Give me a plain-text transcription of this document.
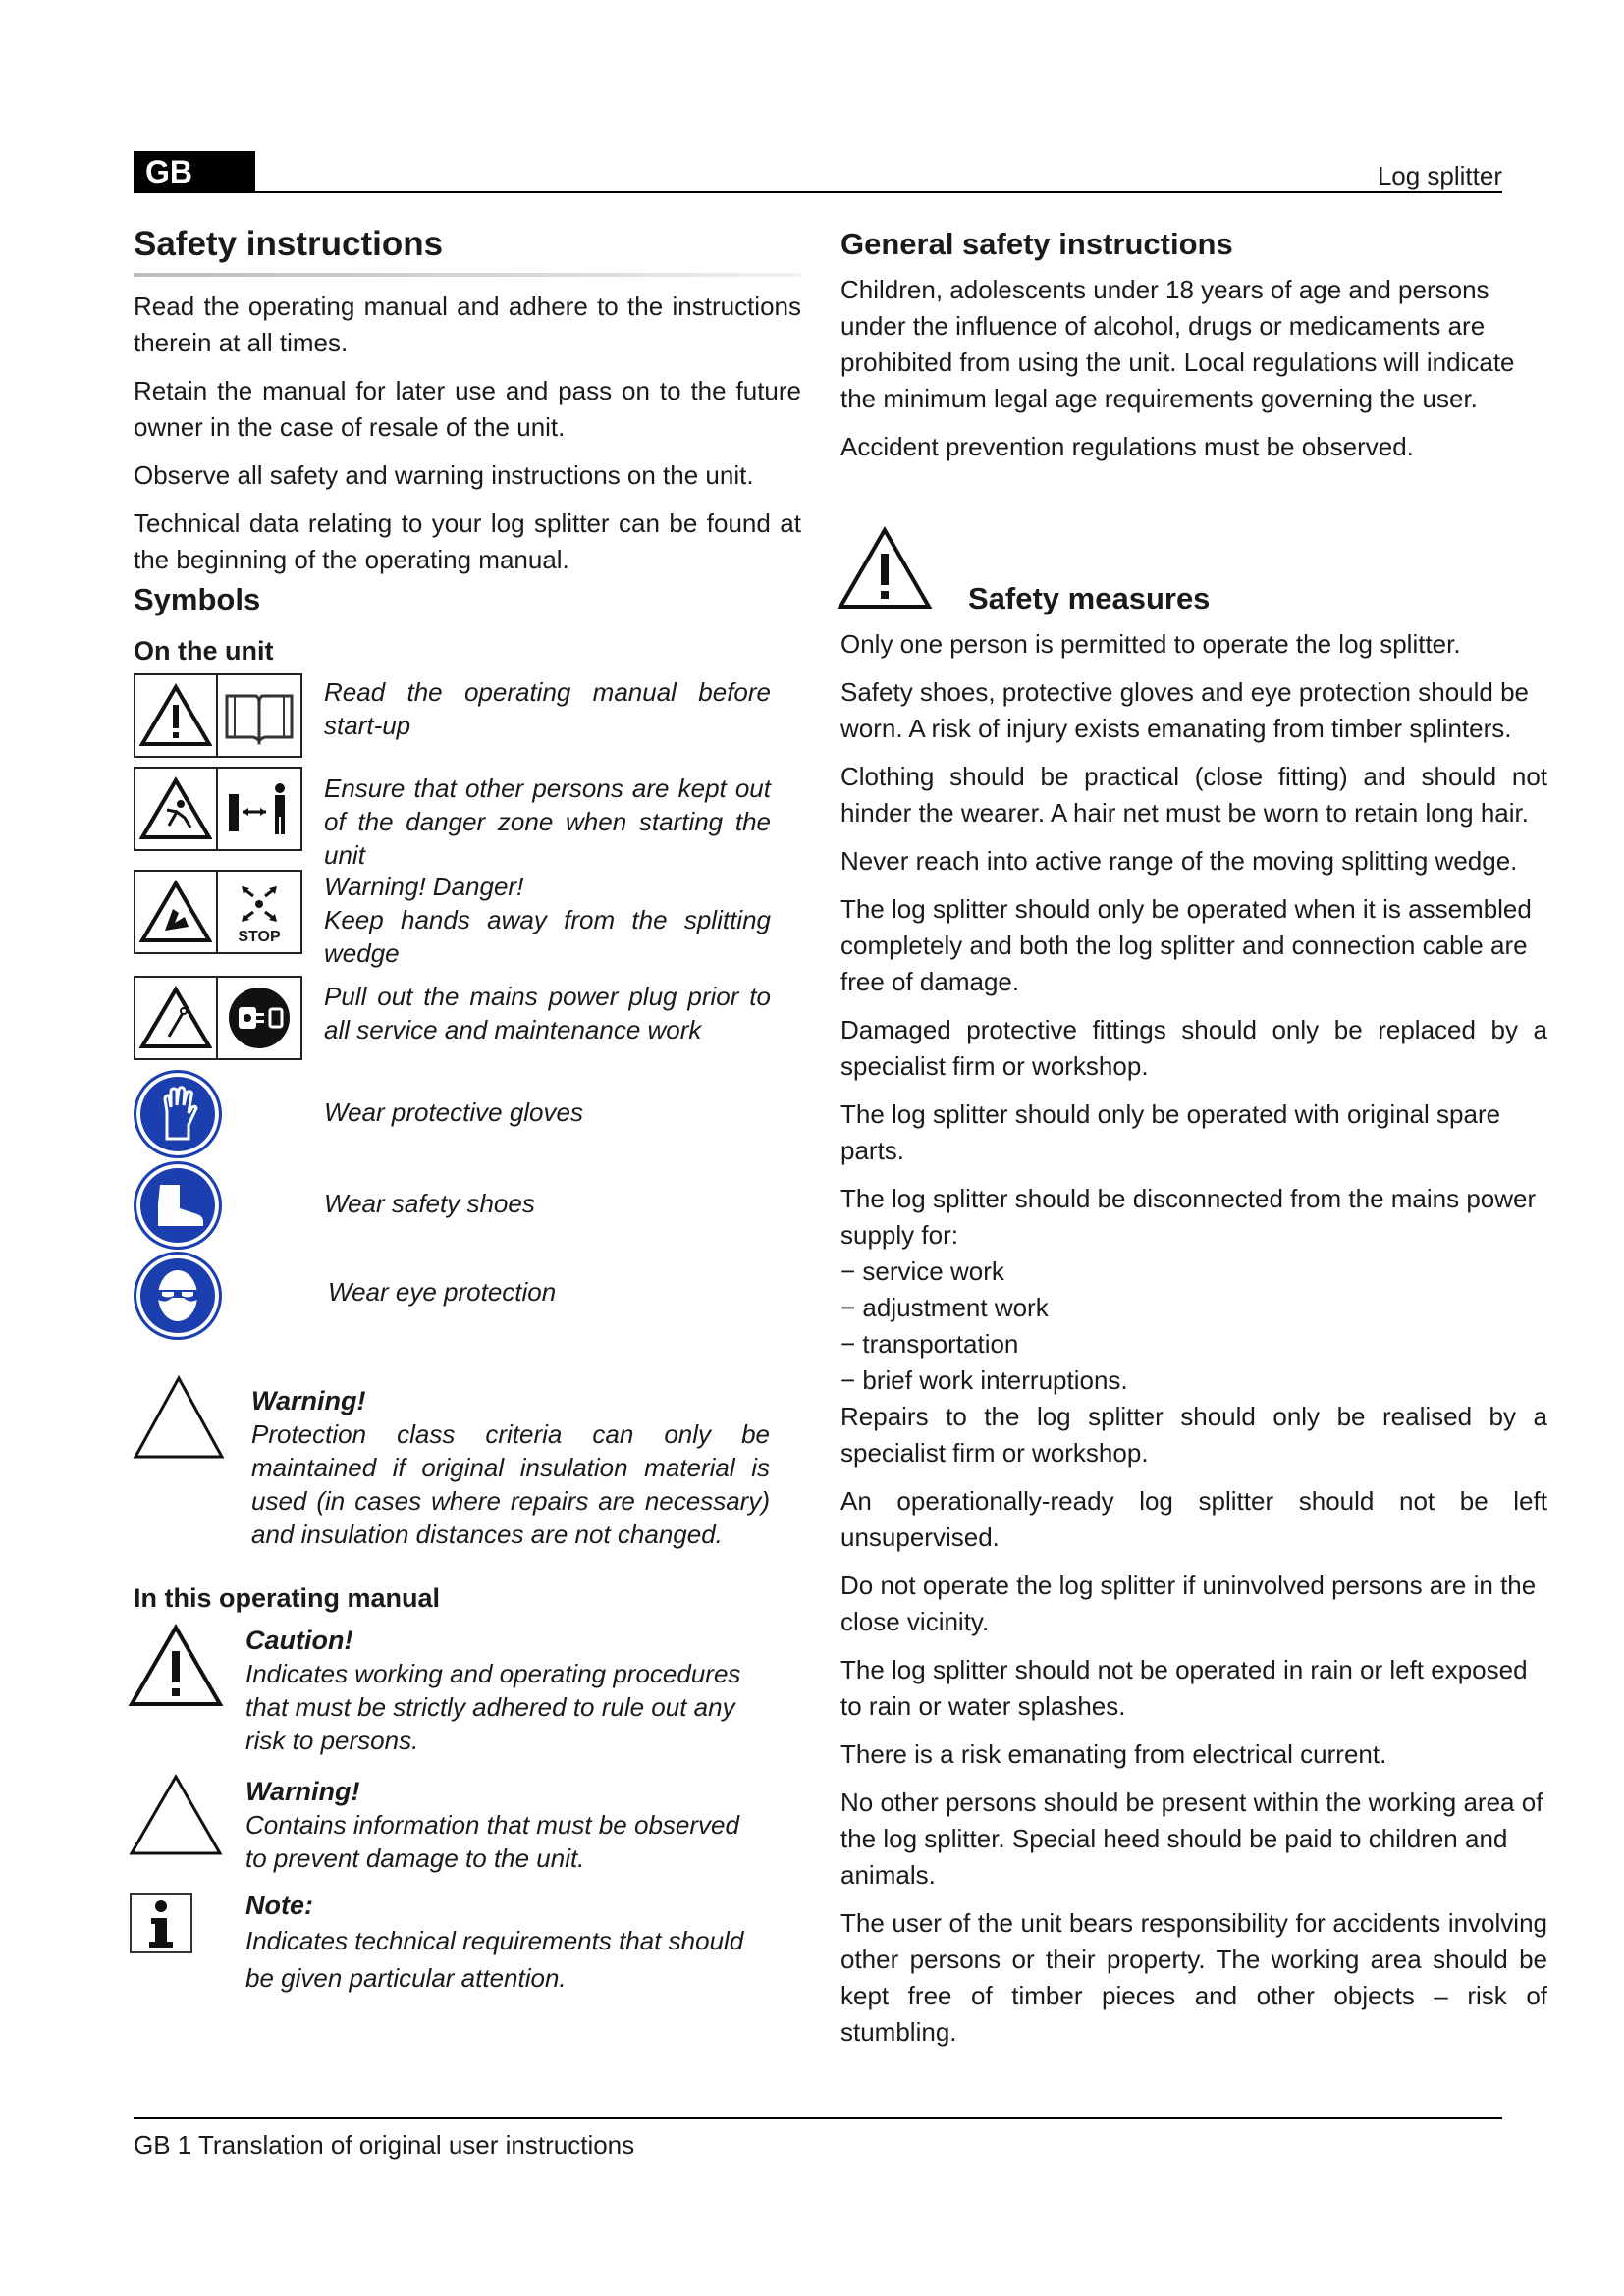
GB	Log splitter
GB 1 Translation of original user instructions
Safety instructions

Read the operating manual and adhere to the instructions therein at all times.

Retain the manual for later use and pass on to the future owner in the case of resale of the unit.

Observe all safety and warning instructions on the unit.

Technical data relating to your log splitter can be found at the beginning of the operating manual.

Symbols
On the unit
Read the operating manual before start-up
Ensure that other persons are kept out of the danger zone when starting the unit
STOP
Warning! Danger!
Keep hands away from the splitting wedge
Pull out the mains power plug prior to all service and maintenance work
Wear protective gloves
Wear safety shoes
Wear eye protection
Warning!
Protection class criteria can only be maintained if original insulation material is used (in cases where repairs are necessary) and insulation distances are not changed.
In this operating manual
Caution!
Indicates working and operating procedures that must be strictly adhered to rule out any risk to persons.
Warning!
Contains information that must be observed to prevent damage to the unit.
Note:
Indicates technical requirements that should be given particular attention.
General safety instructions

Children, adolescents under 18 years of age and persons under the influence of alcohol, drugs or medicaments are prohibited from using the unit. Local regulations will indicate the minimum legal age requirements governing the user.

Accident prevention regulations must be observed.

Safety measures

Only one person is permitted to operate the log splitter.

Safety shoes, protective gloves and eye protection should be worn. A risk of injury exists emanating from timber splinters.

Clothing should be practical (close fitting) and should not hinder the wearer. A hair net must be worn to retain long hair.

Never reach into active range of the moving splitting wedge.

The log splitter should only be operated when it is assembled completely and both the log splitter and connection cable are free of damage.

Damaged protective fittings should only be replaced by a specialist firm or workshop.

The log splitter should only be operated with original spare parts.

The log splitter should be disconnected from the mains power supply for:

− service work
− adjustment work
− transportation
− brief work interruptions.

Repairs to the log splitter should only be realised by a specialist firm or workshop.

An operationally-ready log splitter should not be left unsupervised.

Do not operate the log splitter if uninvolved persons are in the close vicinity.

The log splitter should not be operated in rain or left exposed to rain or water splashes.

There is a risk emanating from electrical current.

No other persons should be present within the working area of the log splitter. Special heed should be paid to children and animals.

The user of the unit bears responsibility for accidents involving other persons or their property. The working area should be kept free of timber pieces and other objects – risk of stumbling.
